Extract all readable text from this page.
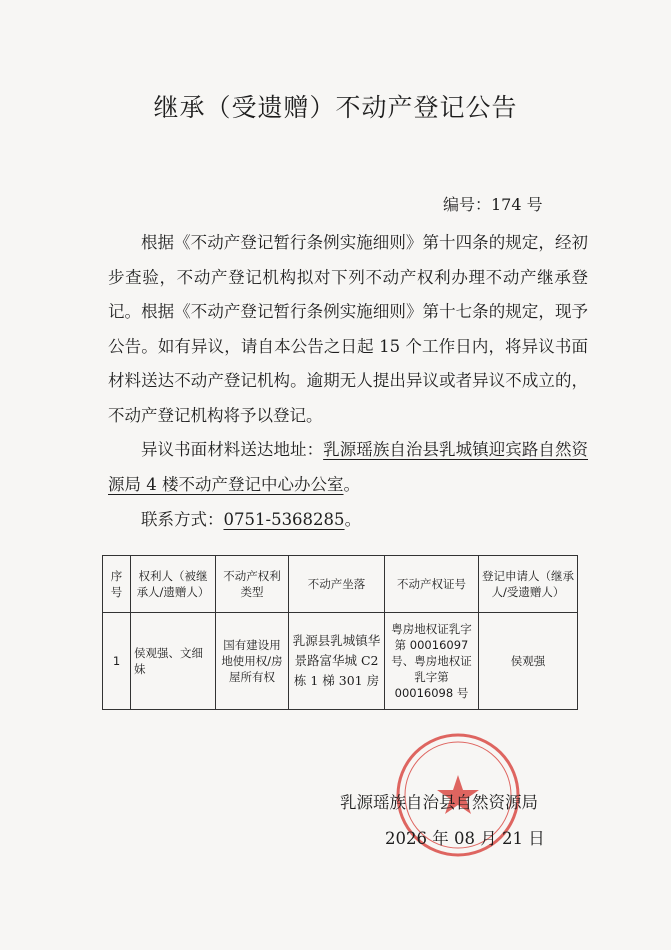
继承（受遗赠）不动产登记公告
编号：174 号
根据《不动产登记暂行条例实施细则》第十四条的规定，经初步查验，不动产登记机构拟对下列不动产权利办理不动产继承登记。根据《不动产登记暂行条例实施细则》第十七条的规定，现予公告。如有异议，请自本公告之日起 15 个工作日内，将异议书面材料送达不动产登记机构。逾期无人提出异议或者异议不成立的，不动产登记机构将予以登记。
异议书面材料送达地址：乳源瑶族自治县乳城镇迎宾路自然资源局 4 楼不动产登记中心办公室。
联系方式：0751-5368285。
序号	权利人（被继承人/遗赠人）	不动产权利类型	不动产坐落	不动产权证号	登记申请人（继承人/受遗赠人）
1	侯观强、文细妹	国有建设用地使用权/房屋所有权	乳源县乳城镇华景路富华城 C2 栋 1 梯 301 房	粤房地权证乳字第 00016097 号、粤房地权证乳字第 00016098 号	侯观强
乳源瑶族自治县自然资源局
2026 年 08 月 21 日
